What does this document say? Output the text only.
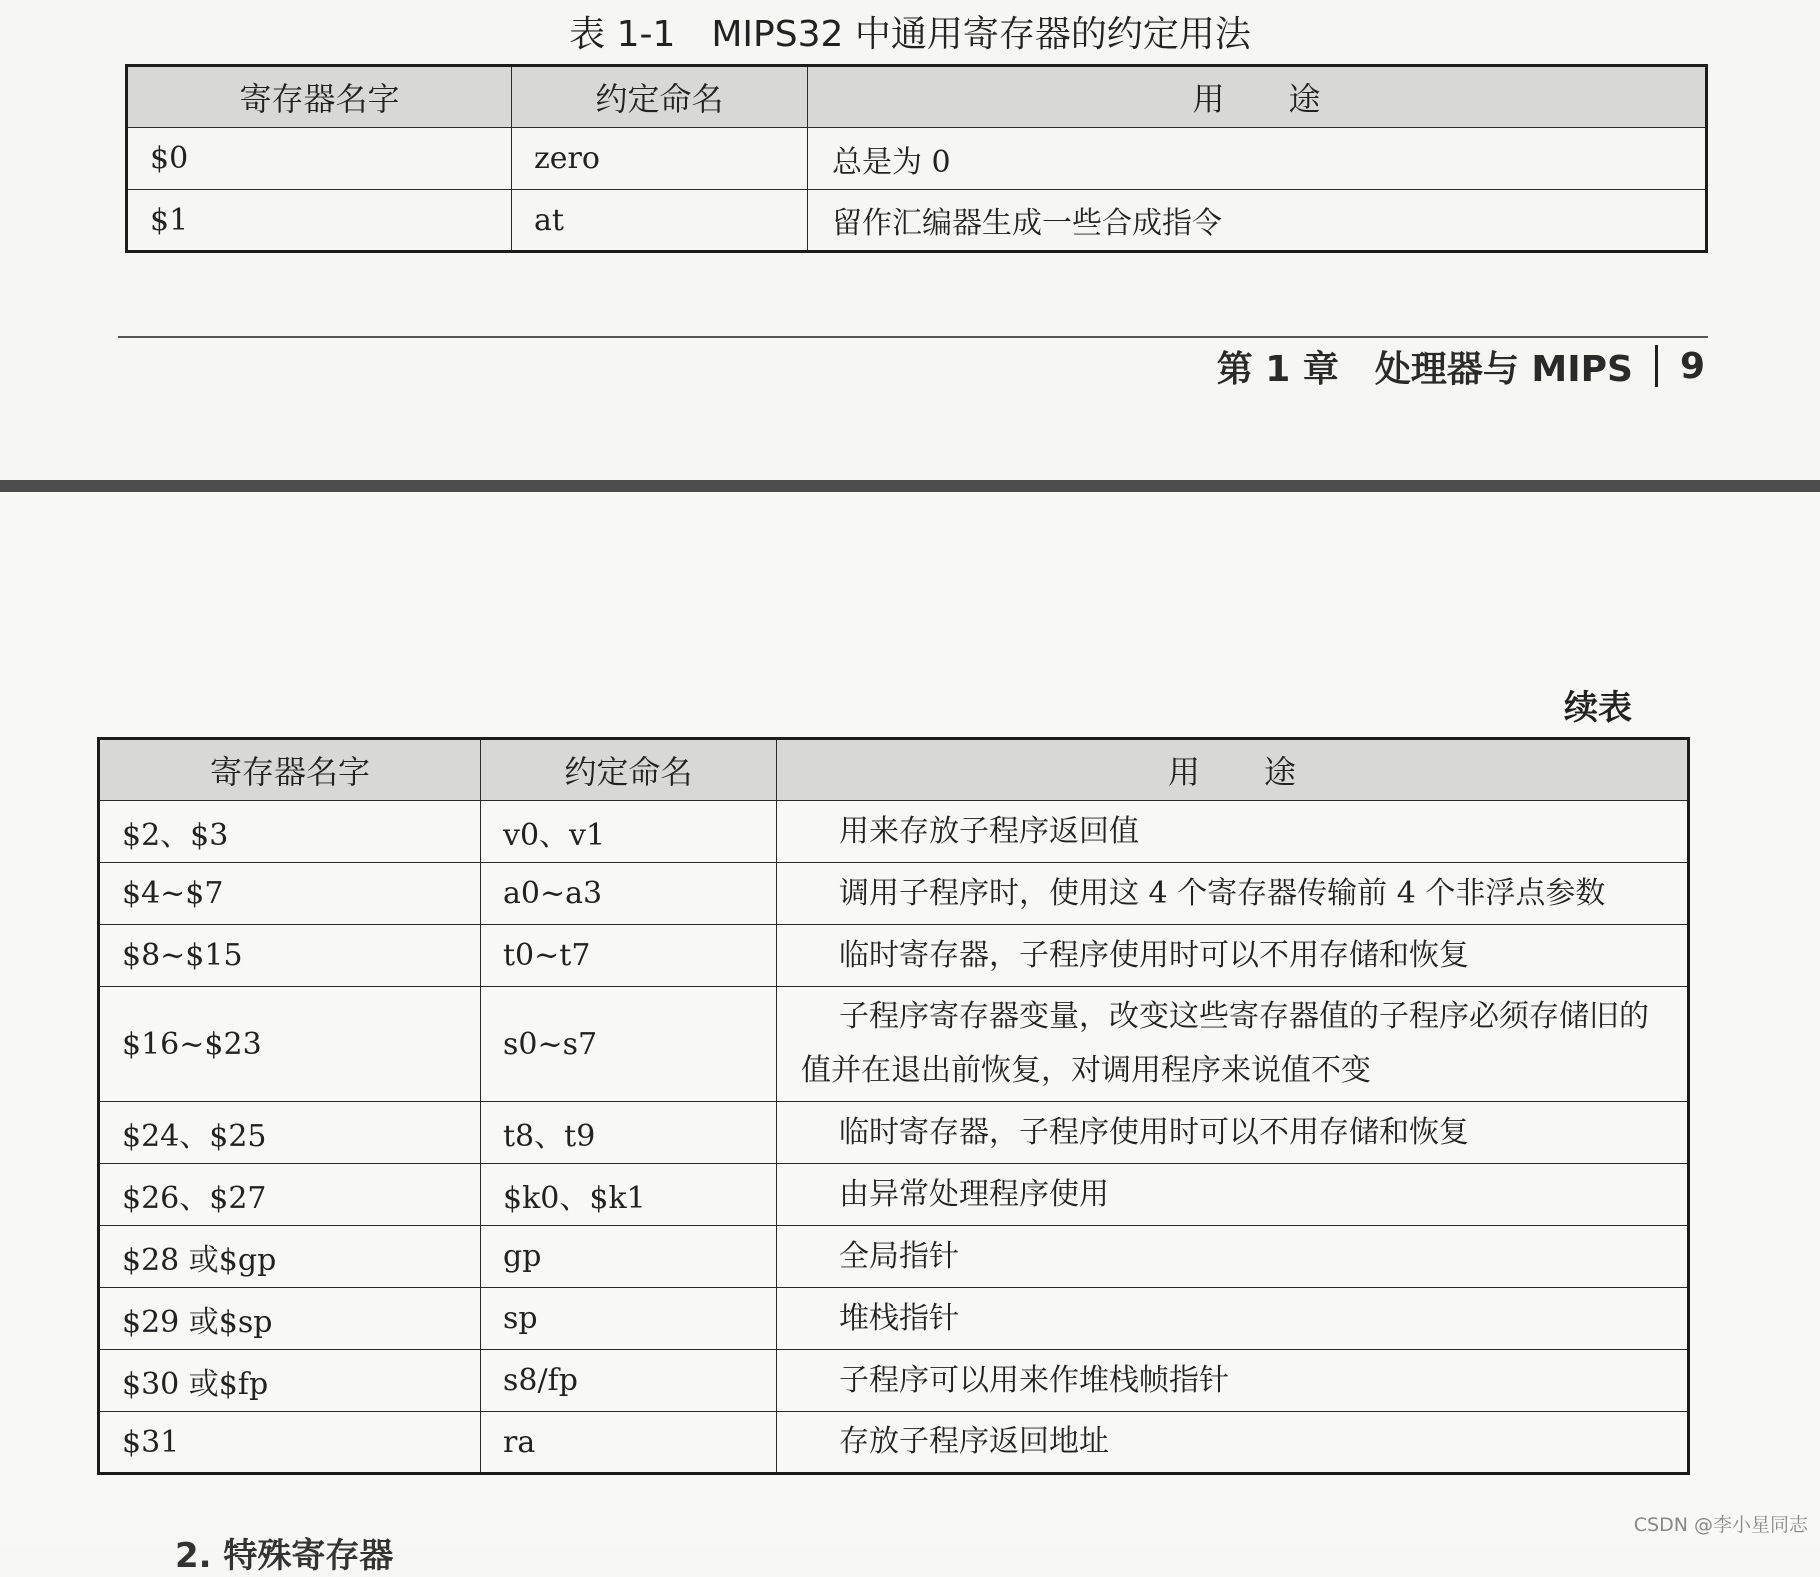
表 1-1　MIPS32 中通用寄存器的约定用法
寄存器名字	约定命名	用　　途
$0	zero	总是为 0
$1	at	留作汇编器生成一些合成指令
第 1 章　处理器与 MIPS 9
续表
寄存器名字	约定命名	用　　途
$2、$3	v0、v1	用来存放子程序返回值
$4~$7	a0~a3	调用子程序时，使用这 4 个寄存器传输前 4 个非浮点参数
$8~$15	t0~t7	临时寄存器，子程序使用时可以不用存储和恢复
$16~$23	s0~s7	子程序寄存器变量，改变这些寄存器值的子程序必须存储旧的值并在退出前恢复，对调用程序来说值不变
$24、$25	t8、t9	临时寄存器，子程序使用时可以不用存储和恢复
$26、$27	$k0、$k1	由异常处理程序使用
$28 或$gp	gp	全局指针
$29 或$sp	sp	堆栈指针
$30 或$fp	s8/fp	子程序可以用来作堆栈帧指针
$31	ra	存放子程序返回地址
2. 特殊寄存器
CSDN @李小星同志
